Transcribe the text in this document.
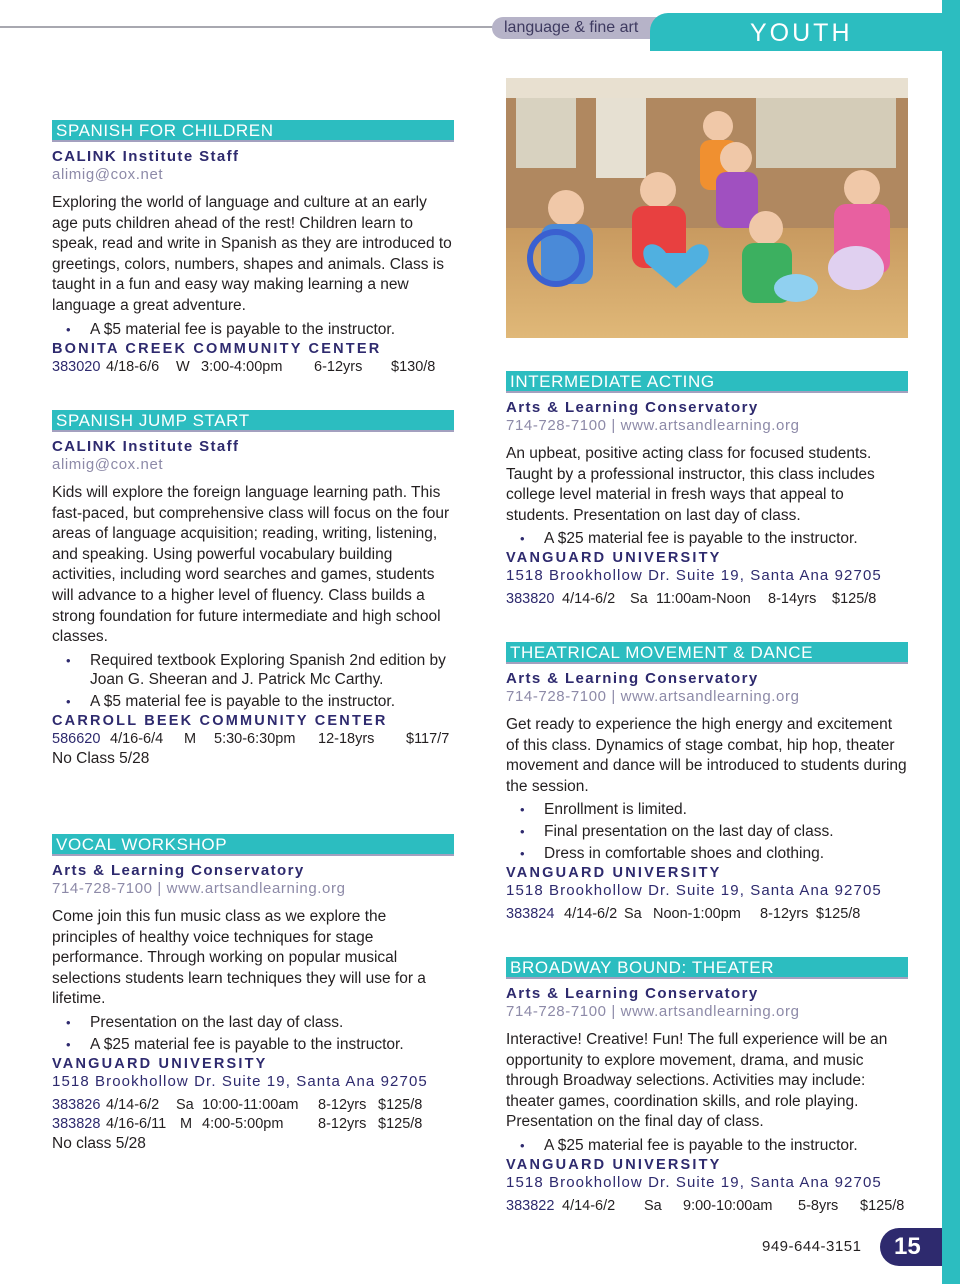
language & fine art	YOUTH
SPANISH FOR CHILDREN
CALINK Institute Staff
alimig@cox.net
Exploring the world of language and culture at an early age puts children ahead of the rest! Children learn to speak, read and write in Spanish as they are introduced to greetings, colors, numbers, shapes and animals. Class is taught in a fun and easy way making learning a new language a great adventure.
• A $5 material fee is payable to the instructor.
BONITA CREEK COMMUNITY CENTER
383020 4/18-6/6 W 3:00-4:00pm 6-12yrs $130/8
SPANISH JUMP START
CALINK Institute Staff
alimig@cox.net
Kids will explore the foreign language learning path. This fast-paced, but comprehensive class will focus on the four areas of language acquisition; reading, writing, listening, and speaking. Using powerful vocabulary building activities, including word searches and games, students will advance to a higher level of fluency. Class builds a strong foundation for future intermediate and high school classes.
• Required textbook Exploring Spanish 2nd edition by Joan G. Sheeran and J. Patrick Mc Carthy.
• A $5 material fee is payable to the instructor.
CARROLL BEEK COMMUNITY CENTER
586620 4/16-6/4 M 5:30-6:30pm 12-18yrs $117/7
No Class 5/28
VOCAL WORKSHOP
Arts & Learning Conservatory
714-728-7100 | www.artsandlearning.org
Come join this fun music class as we explore the principles of healthy voice techniques for stage performance. Through working on popular musical selections students learn techniques they will use for a lifetime.
• Presentation on the last day of class.
• A $25 material fee is payable to the instructor.
VANGUARD UNIVERSITY
1518 Brookhollow Dr. Suite 19, Santa Ana 92705
383826 4/14-6/2 Sa 10:00-11:00am 8-12yrs $125/8
383828 4/16-6/11 M 4:00-5:00pm 8-12yrs $125/8
No class 5/28
INTERMEDIATE ACTING
Arts & Learning Conservatory
714-728-7100 | www.artsandlearning.org
An upbeat, positive acting class for focused students. Taught by a professional instructor, this class includes college level material in fresh ways that appeal to students. Presentation on last day of class.
• A $25 material fee is payable to the instructor.
VANGUARD UNIVERSITY
1518 Brookhollow Dr. Suite 19, Santa Ana 92705
383820 4/14-6/2 Sa 11:00am-Noon 8-14yrs $125/8
THEATRICAL MOVEMENT & DANCE
Arts & Learning Conservatory
714-728-7100 | www.artsandlearning.org
Get ready to experience the high energy and excitement of this class. Dynamics of stage combat, hip hop, theater movement and dance will be introduced to students during the session.
• Enrollment is limited.
• Final presentation on the last day of class.
• Dress in comfortable shoes and clothing.
VANGUARD UNIVERSITY
1518 Brookhollow Dr. Suite 19, Santa Ana 92705
383824 4/14-6/2 Sa Noon-1:00pm 8-12yrs $125/8
BROADWAY BOUND: THEATER
Arts & Learning Conservatory
714-728-7100 | www.artsandlearning.org
Interactive! Creative! Fun! The full experience will be an opportunity to explore movement, drama, and music through Broadway selections. Activities may include: theater games, coordination skills, and role playing. Presentation on the final day of class.
• A $25 material fee is payable to the instructor.
VANGUARD UNIVERSITY
1518 Brookhollow Dr. Suite 19, Santa Ana 92705
383822 4/14-6/2 Sa 9:00-10:00am 5-8yrs $125/8
949-644-3151	15
